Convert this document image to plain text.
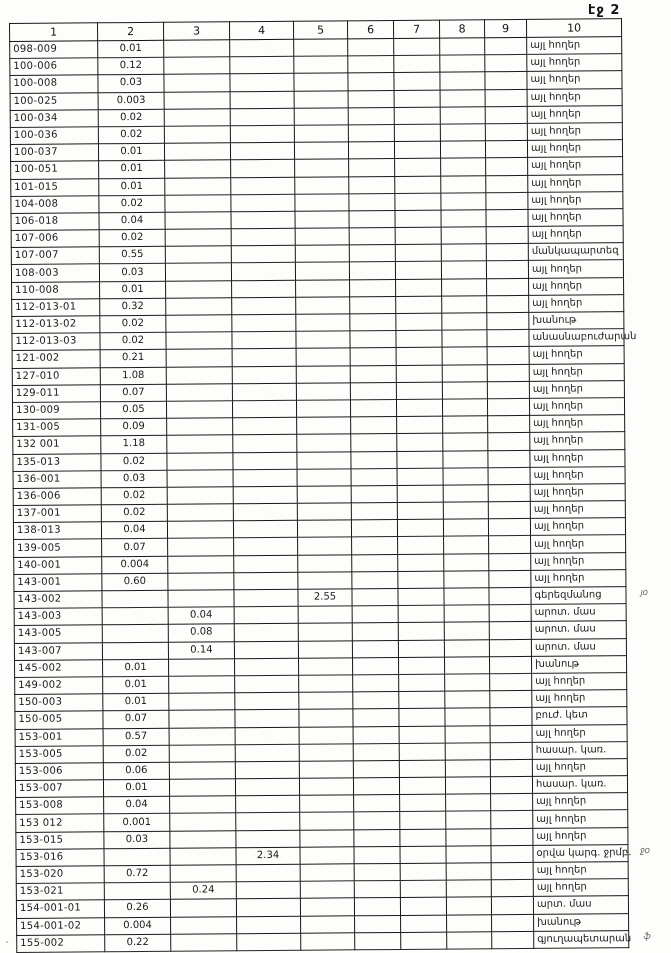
էջ 2
1	2	3	4	5	6	7	8	9	10
098-009	0.01								այլ հողեր
100-006	0.12								այլ հողեր
100-008	0.03								այլ հողեր
100-025	0.003								այլ հողեր
100-034	0.02								այլ հողեր
100-036	0.02								այլ հողեր
100-037	0.01								այլ հողեր
100-051	0.01								այլ հողեր
101-015	0.01								այլ հողեր
104-008	0.02								այլ հողեր
106-018	0.04								այլ հողեր
107-006	0.02								այլ հողեր
107-007	0.55								մանկապարտեզ
108-003	0.03								այլ հողեր
110-008	0.01								այլ հողեր
112-013-01	0.32								այլ հողեր
112-013-02	0.02								խանութ
112-013-03	0.02								անասնաբուժարան
121-002	0.21								այլ հողեր
127-010	1.08								այլ հողեր
129-011	0.07								այլ հողեր
130-009	0.05								այլ հողեր
131-005	0.09								այլ հողեր
132 001	1.18								այլ հողեր
135-013	0.02								այլ հողեր
136-001	0.03								այլ հողեր
136-006	0.02								այլ հողեր
137-001	0.02								այլ հողեր
138-013	0.04								այլ հողեր
139-005	0.07								այլ հողեր
140-001	0.004								այլ հողեր
143-001	0.60								այլ հողեր
143-002				2.55					գերեզմանոց յօ

143-003		0.04							արոտ. մաս
143-005		0.08							արոտ. մաս
143-007		0.14							արոտ. մաս
145-002	0.01								խանութ
149-002	0.01								այլ հողեր
150-003	0.01								այլ հողեր
150-005	0.07								բուժ. կետ
153-001	0.57								այլ հողեր
153-005	0.02								հասար. կառ.
153-006	0.06								այլ հողեր
153-007	0.01								հասար. կառ.
153-008	0.04								այլ հողեր
153 012	0.001								այլ հողեր
153-015	0.03								այլ հողեր
153-016			2.34						օրվա կարգ. ջրմբ. ջօ

153-020	0.72								այլ հողեր
153-021		0.24							այլ հողեր
154-001-01	0.26								արտ. մաս
154-001-02	0.004								խանութ
155-002	0.22								գյուղապետարան ֆ
՝
